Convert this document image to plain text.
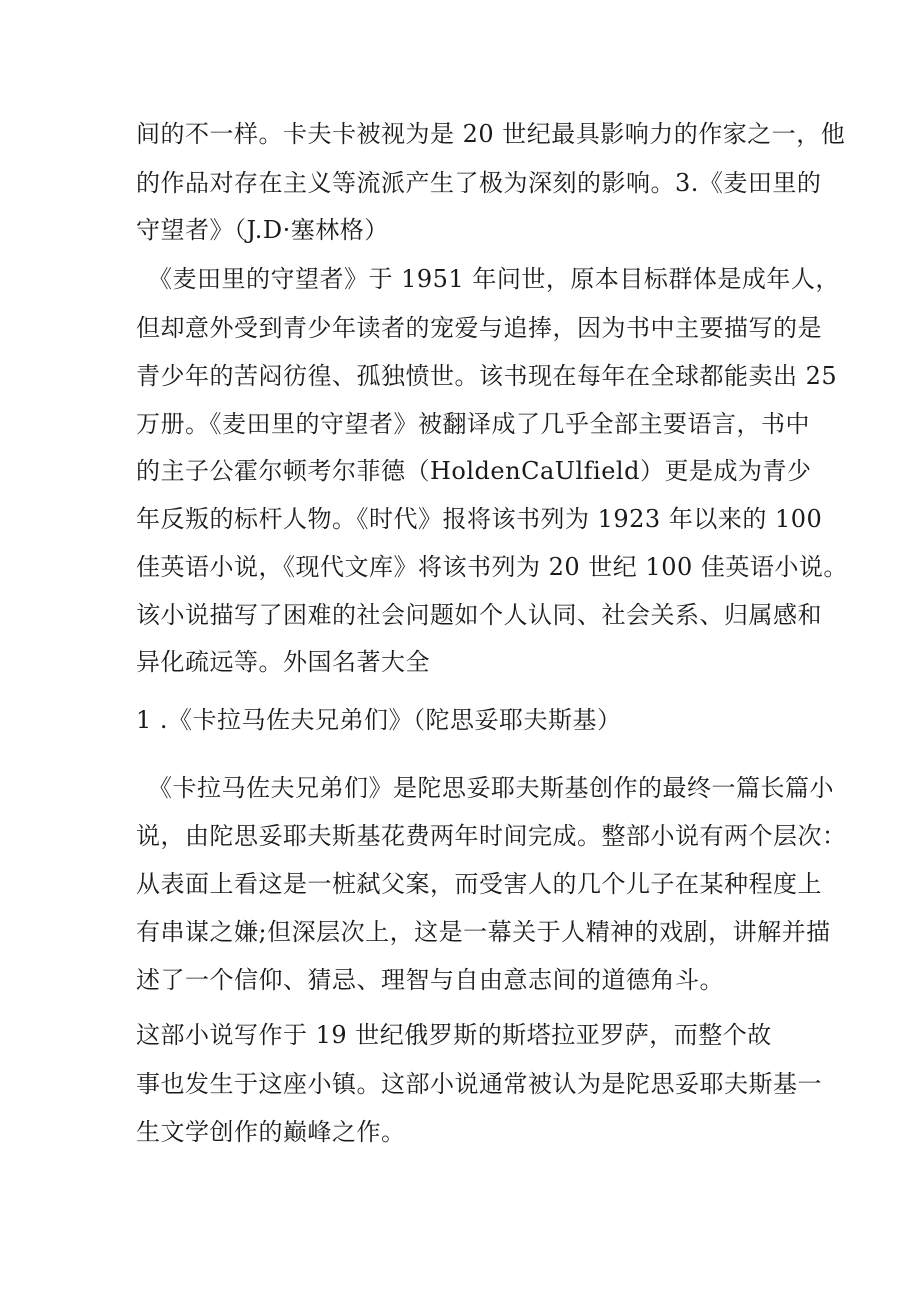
间的不一样。卡夫卡被视为是 20 世纪最具影响力的作家之一，他
的作品对存在主义等流派产生了极为深刻的影响。3.《麦田里的
守望者》（J.D·塞林格）
《麦田里的守望者》于 1951 年问世，原本目标群体是成年人，
但却意外受到青少年读者的宠爱与追捧，因为书中主要描写的是
青少年的苦闷彷徨、孤独愤世。该书现在每年在全球都能卖出 25
万册。《麦田里的守望者》被翻译成了几乎全部主要语言，书中
的主子公霍尔顿考尔菲德（HoldenCaUlfield）更是成为青少
年反叛的标杆人物。《时代》报将该书列为 1923 年以来的 100
佳英语小说，《现代文库》将该书列为 20 世纪 100 佳英语小说。
该小说描写了困难的社会问题如个人认同、社会关系、归属感和
异化疏远等。外国名著大全
1 .《卡拉马佐夫兄弟们》（陀思妥耶夫斯基）
《卡拉马佐夫兄弟们》是陀思妥耶夫斯基创作的最终一篇长篇小
说，由陀思妥耶夫斯基花费两年时间完成。整部小说有两个层次：
从表面上看这是一桩弑父案，而受害人的几个儿子在某种程度上
有串谋之嫌;但深层次上，这是一幕关于人精神的戏剧，讲解并描
述了一个信仰、猜忌、理智与自由意志间的道德角斗。
这部小说写作于 19 世纪俄罗斯的斯塔拉亚罗萨，而整个故
事也发生于这座小镇。这部小说通常被认为是陀思妥耶夫斯基一
生文学创作的巅峰之作。
